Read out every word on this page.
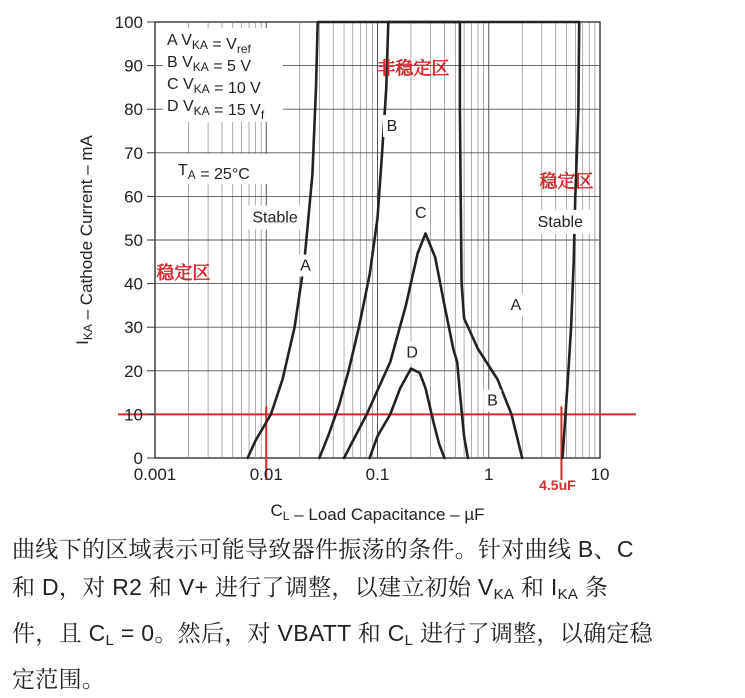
4.5uF
0
10
20
30
40
50
60
70
80
90
100
0.001	0.01	0.1	1	10
A $V_{KA} = V_{ref}$
B $V_{KA} = 5$ V
C $V_{KA} = 10$ V
D $V_{KA} = 15$ $V_f$
$T_A = 25^\circ C$
非稳定区
稳定区
稳定区
Stable	Stable
A
A
B
B
C
D
$C_L$ – Load Capacitance – µF
$I_{KA}$ – Cathode Current – mA
曲线下的区域表示可能导致器件振荡的条件。针对曲线 B、C
和 D，对 R2 和 V+ 进行了调整，以建立初始 $V_{KA}$ 和 $I_{KA}$ 条
件，且 $C_L = 0$。然后，对 VBATT 和 $C_L$ 进行了调整，以确定稳
定范围。
